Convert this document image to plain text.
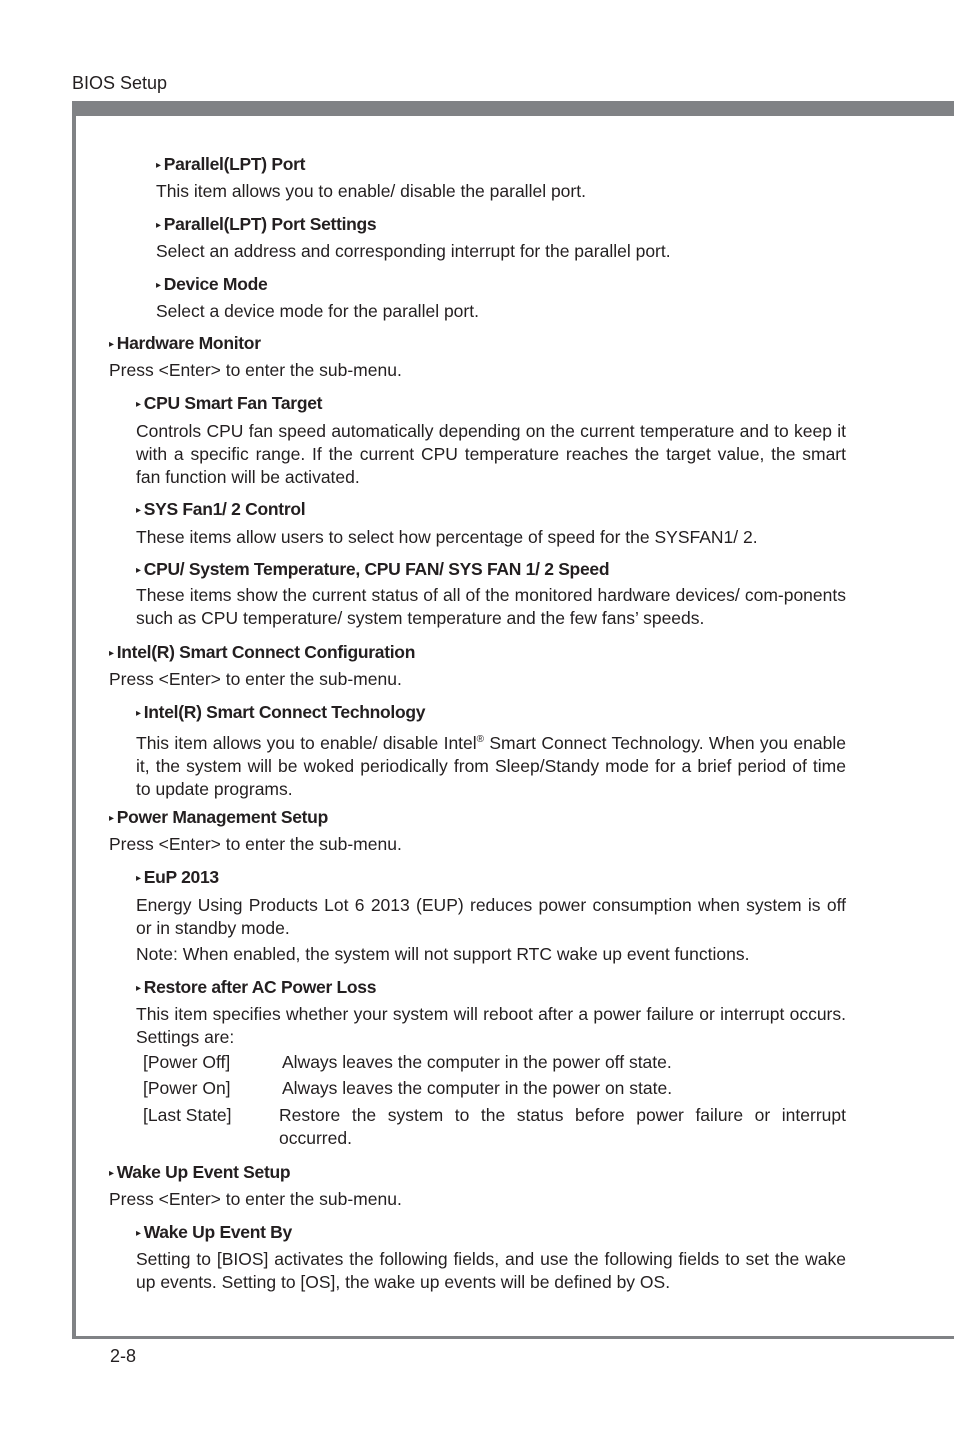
BIOS Setup
▸ Parallel(LPT) Port
This item allows you to enable/ disable the parallel port.
▸ Parallel(LPT) Port Settings
Select an address and corresponding interrupt for the parallel port.
▸ Device Mode
Select a device mode for the parallel port.
▸ Hardware Monitor
Press <Enter> to enter the sub-menu.
▸ CPU Smart Fan Target
Controls CPU fan speed automatically depending on the current temperature and to keep it with a specific range. If the current CPU temperature reaches the target value, the smart fan function will be activated.
▸ SYS Fan1/ 2 Control
These items allow users to select how percentage of speed for the SYSFAN1/ 2.
▸ CPU/ System Temperature, CPU FAN/ SYS FAN 1/ 2 Speed
These items show the current status of all of the monitored hardware devices/ com-ponents such as CPU temperature/ system temperature and the few fans’ speeds.
▸ Intel(R) Smart Connect Configuration
Press <Enter> to enter the sub-menu.
▸ Intel(R) Smart Connect Technology
This item allows you to enable/ disable Intel® Smart Connect Technology. When you enable it, the system will be woked periodically from Sleep/Standy mode for a brief period of time to update programs.
▸ Power Management Setup
Press <Enter> to enter the sub-menu.
▸ EuP 2013
Energy Using Products Lot 6 2013 (EUP) reduces power consumption when system is off or in standby mode.
Note: When enabled, the system will not support RTC wake up event functions.
▸ Restore after AC Power Loss
This item specifies whether your system will reboot after a power failure or interrupt occurs. Settings are:
[Power Off]	Always leaves the computer in the power off state.
[Power On]	Always leaves the computer in the power on state.
[Last State]	Restore the system to the status before power failure or interrupt occurred.
▸ Wake Up Event Setup
Press <Enter> to enter the sub-menu.
▸ Wake Up Event By
Setting to [BIOS] activates the following fields, and use the following fields to set the wake up events. Setting to [OS], the wake up events will be defined by OS.
2-8
